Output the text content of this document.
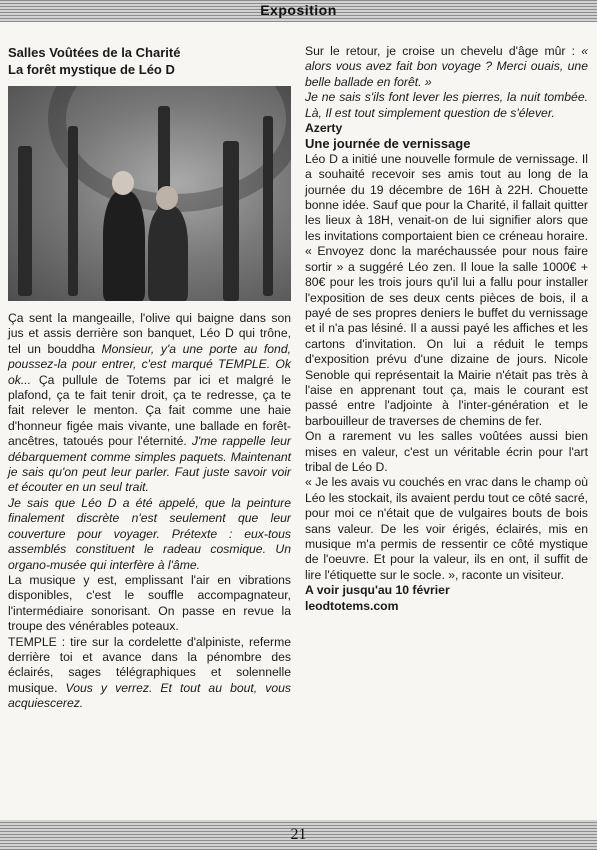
Exposition

Salles Voûtées de la Charité

La forêt mystique de Léo D

Ça sent la mangeaille, l'olive qui baigne dans son jus et assis derrière son banquet, Léo D qui trône, tel un bouddha Monsieur, y'a une porte au fond, poussez-la pour entrer, c'est marqué TEMPLE. Ok ok... Ça pullule de Totems par ici et malgré le plafond, ça te fait tenir droit, ça te redresse, ça te fait relever le menton. Ça fait comme une haie d'honneur figée mais vivante, une ballade en forêt-ancêtres, tatoués pour l'éternité. J'me rappelle leur débarquement comme simples paquets. Maintenant je sais qu'on peut leur parler. Faut juste savoir voir et écouter en un seul trait.

Je sais que Léo D a été appelé, que la peinture finalement discrète n'est seulement que leur couverture pour voyager. Prétexte : eux-tous assemblés constituent le radeau cosmique. Un organo-musée qui interfère à l'âme.

La musique y est, emplissant l'air en vibrations disponibles, c'est le souffle accompagnateur, l'intermédiaire sonorisant. On passe en revue la troupe des vénérables poteaux.

TEMPLE : tire sur la cordelette d'alpiniste, referme derrière toi et avance dans la pénombre des éclairés, sages télégraphiques et solennelle musique. Vous y verrez. Et tout au bout, vous acquiescerez.

Sur le retour, je croise un chevelu d'âge mûr : « alors vous avez fait bon voyage ? Merci ouais, une belle ballade en forêt. »

Je ne sais s'ils font lever les pierres, la nuit tombée. Là, Il est tout simplement question de s'élever.

Azerty

Une journée de vernissage

Léo D a initié une nouvelle formule de vernissage. Il a souhaité recevoir ses amis tout au long de la journée du 19 décembre de 16H à 22H. Chouette bonne idée. Sauf que pour la Charité, il fallait quitter les lieux à 18H, venait-on de lui signifier alors que les invitations comportaient bien ce créneau horaire. « Envoyez donc la maréchaussée pour nous faire sortir » a suggéré Léo zen. Il loue la salle 1000€ + 80€ pour les trois jours qu'il lui a fallu pour installer l'exposition de ses deux cents pièces de bois, il a payé de ses propres deniers le buffet du vernissage et il n'a pas lésiné. Il a aussi payé les affiches et les cartons d'invitation. On lui a réduit le temps d'exposition prévu d'une dizaine de jours. Nicole Senoble qui représentait la Mairie n'était pas très à l'aise en apprenant tout ça, mais le courant est passé entre l'adjointe à l'inter-génération et le barbouilleur de traverses de chemins de fer.

On a rarement vu les salles voûtées aussi bien mises en valeur, c'est un véritable écrin pour l'art tribal de Léo D.

« Je les avais vu couchés en vrac dans le champ où Léo les stockait, ils avaient perdu tout ce côté sacré, pour moi ce n'était que de vulgaires bouts de bois sans valeur. De les voir érigés, éclairés, mis en musique m'a permis de ressentir ce côté mystique de l'oeuvre. Et pour la valeur, ils en ont, il suffit de lire l'étiquette sur le socle. », raconte un visiteur.

A voir jusqu'au 10 février

leodtotems.com

21
